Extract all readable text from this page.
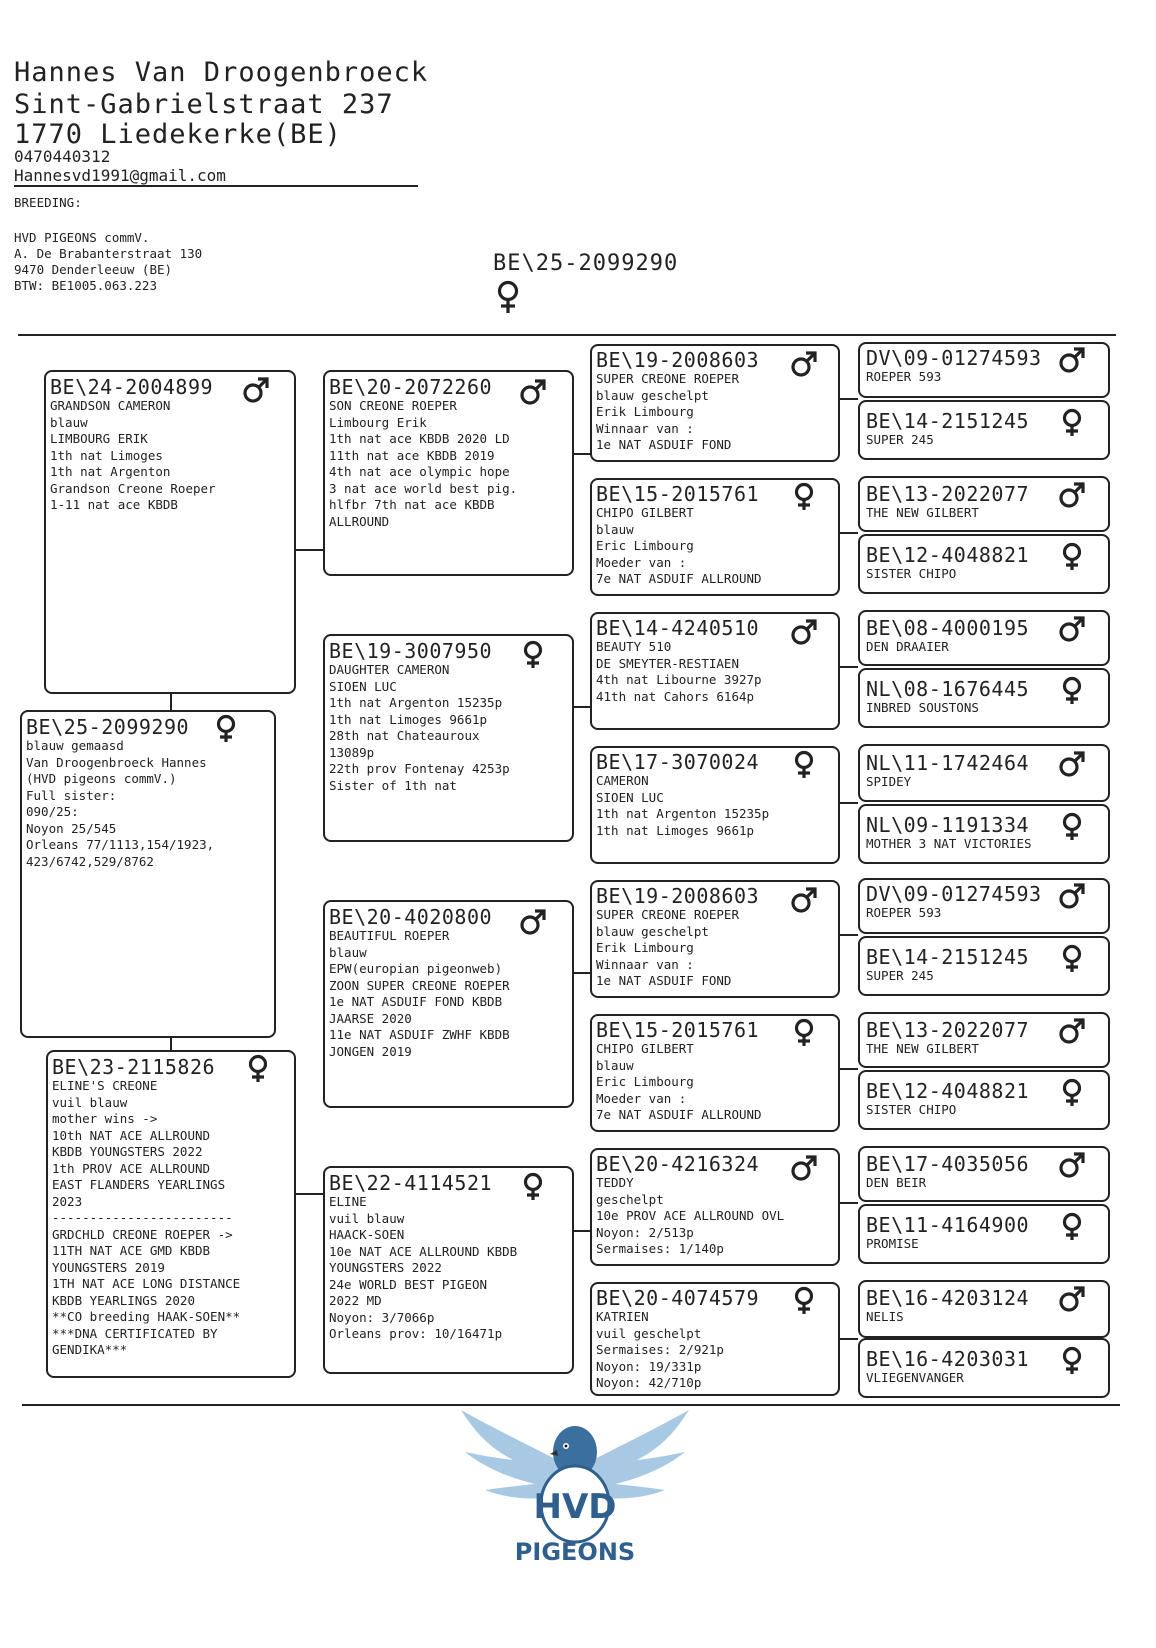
Hannes Van Droogenbroeck
Sint-Gabrielstraat 237
1770 Liedekerke(BE)
0470440312
Hannesvd1991@gmail.com
BREEDING:
HVD PIGEONS commV.
A. De Brabanterstraat 130
9470 Denderleeuw (BE)
BTW: BE1005.063.223
BE\25-2099290
BE\24-2004899
GRANDSON CAMERON
blauw
LIMBOURG ERIK
1th nat Limoges
1th nat Argenton
Grandson Creone Roeper
1-11 nat ace KBDB
BE\25-2099290
blauw gemaasd
Van Droogenbroeck Hannes
(HVD pigeons commV.)
Full sister:
090/25:
Noyon 25/545
Orleans 77/1113,154/1923,
423/6742,529/8762
BE\23-2115826
ELINE'S CREONE
vuil blauw
mother wins ->
10th NAT ACE ALLROUND
KBDB YOUNGSTERS 2022
1th PROV ACE ALLROUND
EAST FLANDERS YEARLINGS
2023
------------------------
GRDCHLD CREONE ROEPER ->
11TH NAT ACE GMD KBDB
YOUNGSTERS 2019
1TH NAT ACE LONG DISTANCE
KBDB YEARLINGS 2020
**CO breeding HAAK-SOEN**
***DNA CERTIFICATED BY
GENDIKA***
BE\20-2072260
SON CREONE ROEPER
Limbourg Erik
1th nat ace KBDB 2020 LD
11th nat ace KBDB 2019
4th nat ace olympic hope
3 nat ace world best pig.
hlfbr 7th nat ace KBDB
ALLROUND
BE\19-3007950
DAUGHTER CAMERON
SIOEN LUC
1th nat Argenton 15235p
1th nat Limoges 9661p
28th nat Chateauroux
13089p
22th prov Fontenay 4253p
Sister of 1th nat
BE\20-4020800
BEAUTIFUL ROEPER
blauw
EPW(europian pigeonweb)
ZOON SUPER CREONE ROEPER
1e NAT ASDUIF FOND KBDB
JAARSE 2020
11e NAT ASDUIF ZWHF KBDB
JONGEN 2019
BE\22-4114521
ELINE
vuil blauw
HAACK-SOEN
10e NAT ACE ALLROUND KBDB
YOUNGSTERS 2022
24e WORLD BEST PIGEON
2022 MD
Noyon: 3/7066p
Orleans prov: 10/16471p
BE\19-2008603
SUPER CREONE ROEPER
blauw geschelpt
Erik Limbourg
Winnaar van :
1e NAT ASDUIF FOND
BE\15-2015761
CHIPO GILBERT
blauw
Eric Limbourg
Moeder van :
7e NAT ASDUIF ALLROUND
BE\14-4240510
BEAUTY 510
DE SMEYTER-RESTIAEN
4th nat Libourne 3927p
41th nat Cahors 6164p
BE\17-3070024
CAMERON
SIOEN LUC
1th nat Argenton 15235p
1th nat Limoges 9661p
BE\19-2008603
SUPER CREONE ROEPER
blauw geschelpt
Erik Limbourg
Winnaar van :
1e NAT ASDUIF FOND
BE\15-2015761
CHIPO GILBERT
blauw
Eric Limbourg
Moeder van :
7e NAT ASDUIF ALLROUND
BE\20-4216324
TEDDY
geschelpt
10e PROV ACE ALLROUND OVL
Noyon: 2/513p
Sermaises: 1/140p
BE\20-4074579
KATRIEN
vuil geschelpt
Sermaises: 2/921p
Noyon: 19/331p
Noyon: 42/710p
DV\09-01274593
ROEPER 593
BE\14-2151245
SUPER 245
BE\13-2022077
THE NEW GILBERT
BE\12-4048821
SISTER CHIPO
BE\08-4000195
DEN DRAAIER
NL\08-1676445
INBRED SOUSTONS
NL\11-1742464
SPIDEY
NL\09-1191334
MOTHER 3 NAT VICTORIES
DV\09-01274593
ROEPER 593
BE\14-2151245
SUPER 245
BE\13-2022077
THE NEW GILBERT
BE\12-4048821
SISTER CHIPO
BE\17-4035056
DEN BEIR
BE\11-4164900
PROMISE
BE\16-4203124
NELIS
BE\16-4203031
VLIEGENVANGER
HVD
PIGEONS
